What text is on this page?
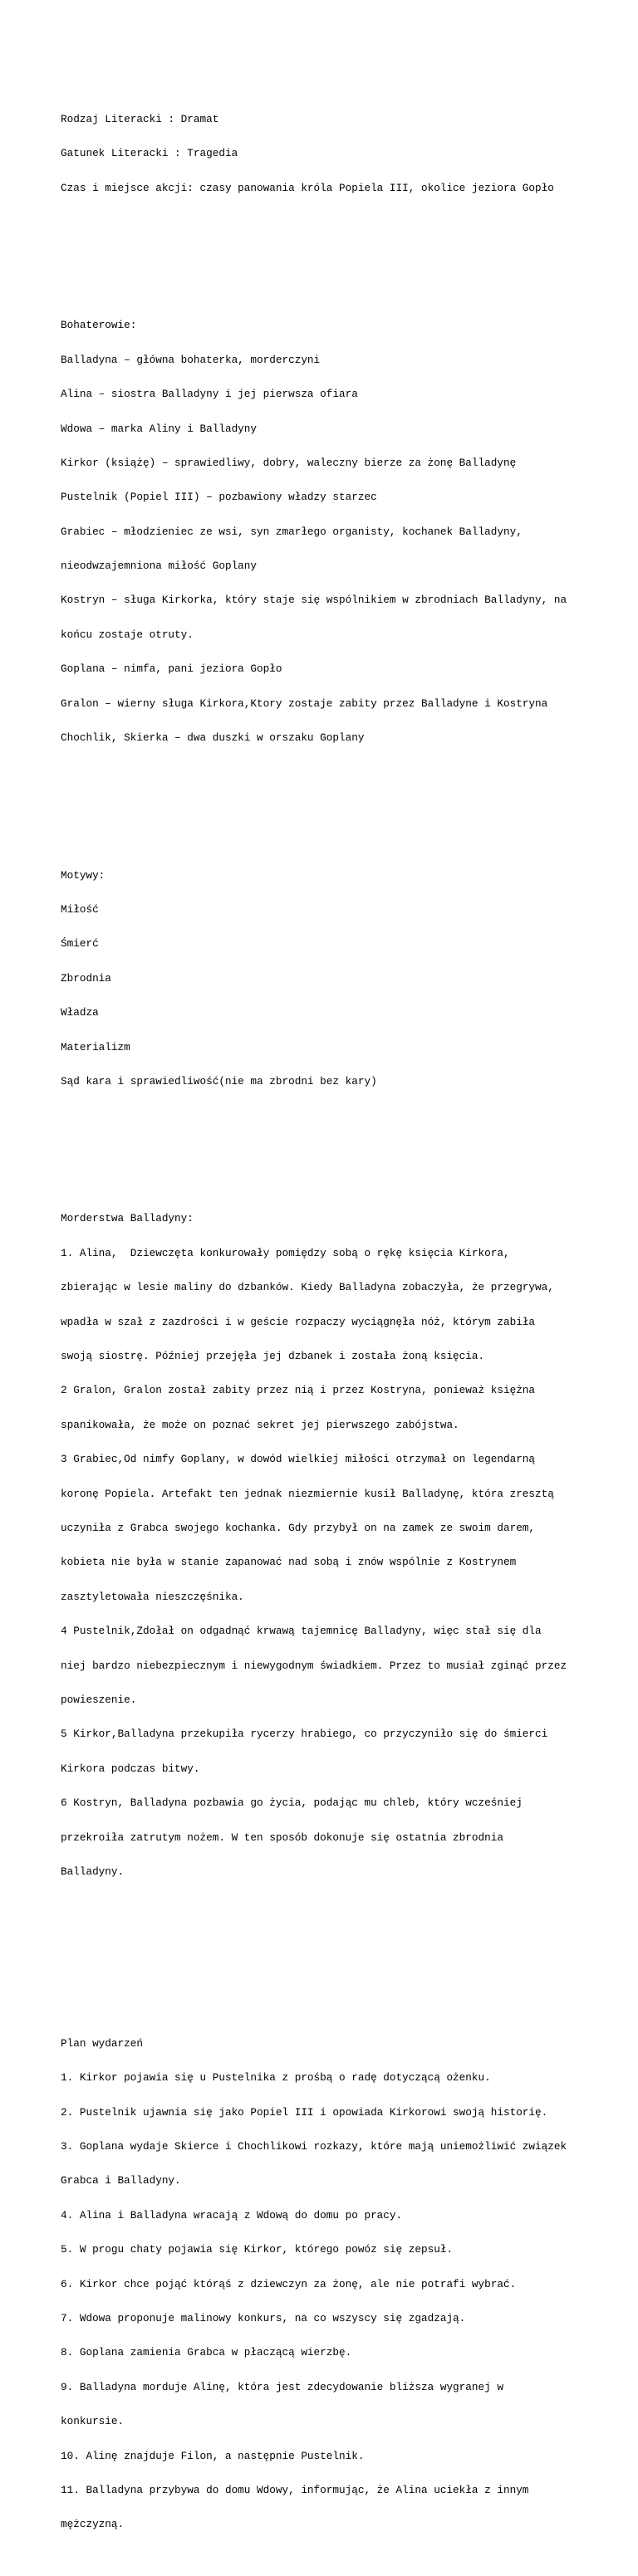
Rodzaj Literacki : Dramat

Gatunek Literacki : Tragedia

Czas i miejsce akcji: czasy panowania króla Popiela III, okolice jeziora Gopło

Bohaterowie:

Balladyna – główna bohaterka, morderczyni

Alina – siostra Balladyny i jej pierwsza ofiara

Wdowa – marka Aliny i Balladyny

Kirkor (książę) – sprawiedliwy, dobry, waleczny bierze za żonę Balladynę

Pustelnik (Popiel III) – pozbawiony władzy starzec

Grabiec – młodzieniec ze wsi, syn zmarłego organisty, kochanek Balladyny,

nieodwzajemniona miłość Goplany

Kostryn – sługa Kirkorka, który staje się wspólnikiem w zbrodniach Balladyny, na

końcu zostaje otruty.

Goplana – nimfa, pani jeziora Gopło

Gralon – wierny sługa Kirkora,Ktory zostaje zabity przez Balladyne i Kostryna

Chochlik, Skierka – dwa duszki w orszaku Goplany

Motywy:

Miłość

Śmierć

Zbrodnia

Władza

Materializm

Sąd kara i sprawiedliwość(nie ma zbrodni bez kary)

Morderstwa Balladyny:

1. Alina,  Dziewczęta konkurowały pomiędzy sobą o rękę księcia Kirkora,

zbierając w lesie maliny do dzbanków. Kiedy Balladyna zobaczyła, że przegrywa,

wpadła w szał z zazdrości i w geście rozpaczy wyciągnęła nóż, którym zabiła

swoją siostrę. Później przejęła jej dzbanek i została żoną księcia.

2 Gralon, Gralon został zabity przez nią i przez Kostryna, ponieważ księżna

spanikowała, że może on poznać sekret jej pierwszego zabójstwa.

3 Grabiec,Od nimfy Goplany, w dowód wielkiej miłości otrzymał on legendarną

koronę Popiela. Artefakt ten jednak niezmiernie kusił Balladynę, która zresztą

uczyniła z Grabca swojego kochanka. Gdy przybył on na zamek ze swoim darem,

kobieta nie była w stanie zapanować nad sobą i znów wspólnie z Kostrynem

zasztyletowała nieszczęśnika.

4 Pustelnik,Zdołał on odgadnąć krwawą tajemnicę Balladyny, więc stał się dla

niej bardzo niebezpiecznym i niewygodnym świadkiem. Przez to musiał zginąć przez

powieszenie.

5 Kirkor,Balladyna przekupiła rycerzy hrabiego, co przyczyniło się do śmierci

Kirkora podczas bitwy.

6 Kostryn, Balladyna pozbawia go życia, podając mu chleb, który wcześniej

przekroiła zatrutym nożem. W ten sposób dokonuje się ostatnia zbrodnia

Balladyny.

Plan wydarzeń

1. Kirkor pojawia się u Pustelnika z prośbą o radę dotyczącą ożenku.

2. Pustelnik ujawnia się jako Popiel III i opowiada Kirkorowi swoją historię.

3. Goplana wydaje Skierce i Chochlikowi rozkazy, które mają uniemożliwić związek

Grabca i Balladyny.

4. Alina i Balladyna wracają z Wdową do domu po pracy.

5. W progu chaty pojawia się Kirkor, którego powóz się zepsuł.

6. Kirkor chce pojąć którąś z dziewczyn za żonę, ale nie potrafi wybrać.

7. Wdowa proponuje malinowy konkurs, na co wszyscy się zgadzają.

8. Goplana zamienia Grabca w płaczącą wierzbę.

9. Balladyna morduje Alinę, która jest zdecydowanie bliższa wygranej w

konkursie.

10. Alinę znajduje Filon, a następnie Pustelnik.

11. Balladyna przybywa do domu Wdowy, informując, że Alina uciekła z innym

mężczyzną.
